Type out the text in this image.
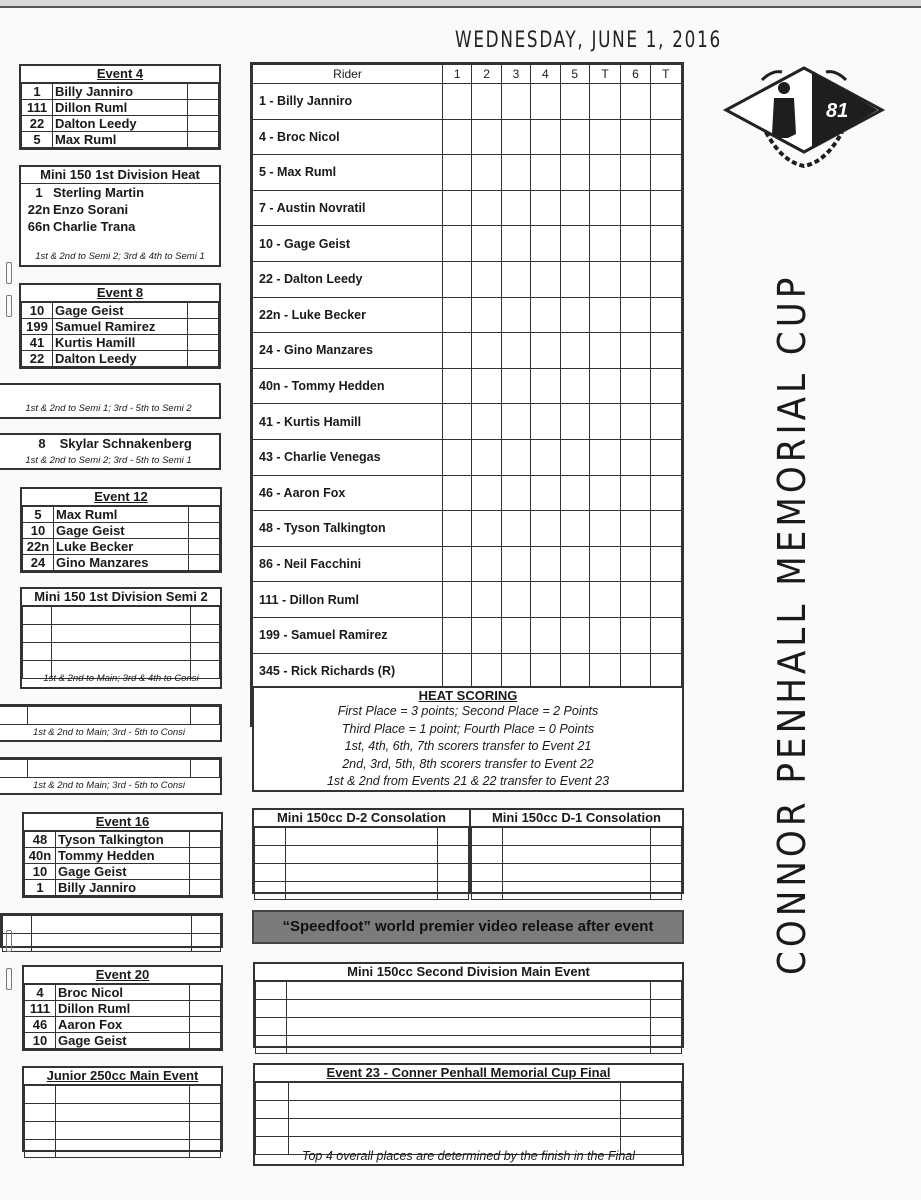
WEDNESDAY, JUNE 1, 2016
Event 4
1	Billy Janniro	
111	Dillon Ruml	
22	Dalton Leedy	
5	Max Ruml	
Mini 150 1st Division Heat
1 Sterling Martin
22n Enzo Sorani
66n Charlie Trana
1st & 2nd to Semi 2; 3rd & 4th to Semi 1
Event 8
10	Gage Geist	
199	Samuel Ramirez	
41	Kurtis Hamill	
22	Dalton Leedy	
1st & 2nd to Semi 1; 3rd - 5th to Semi 2
8 Skylar Schnakenberg
1st & 2nd to Semi 2; 3rd - 5th to Semi 1
Event 12
5	Max Ruml	
10	Gage Geist	
22n	Luke Becker	
24	Gino Manzares	
Mini 150 1st Division Semi 2

1st & 2nd to Main; 3rd & 4th to Consi

1st & 2nd to Main; 3rd - 5th to Consi

1st & 2nd to Main; 3rd - 5th to Consi
Event 16
48	Tyson Talkington	
40n	Tommy Hedden	
10	Gage Geist	
1	Billy Janniro	

Event 20
4	Broc Nicol	
111	Dillon Ruml	
46	Aaron Fox	
10	Gage Geist	
Junior 250cc Main Event

Rider	1	2	3	4	5	T	6	T
1 - Billy Janniro								
4 - Broc Nicol								
5 - Max Ruml								
7 - Austin Novratil								
10 - Gage Geist								
22 - Dalton Leedy								
22n - Luke Becker								
24 - Gino Manzares								
40n - Tommy Hedden								
41 - Kurtis Hamill								
43 - Charlie Venegas								
46 - Aaron Fox								
48 - Tyson Talkington								
86 - Neil Facchini								
111 - Dillon Ruml								
199 - Samuel Ramirez								
345 - Rick Richards (R)								

HEAT SCORING
First Place = 3 points; Second Place = 2 Points
Third Place = 1 point; Fourth Place = 0 Points
1st, 4th, 6th, 7th scorers transfer to Event 21
2nd, 3rd, 5th, 8th scorers transfer to Event 22
1st & 2nd from Events 21 & 22 transfer to Event 23
Mini 150cc D-2 Consolation

			Mini 150cc D-1 Consolation

“Speedfoot” world premier video release after event
Mini 150cc Second Division Main Event

Event 23 - Conner Penhall Memorial Cup Final

Top 4 overall places are determined by the finish in the Final
81
CONNOR PENHALL MEMORIAL CUP
